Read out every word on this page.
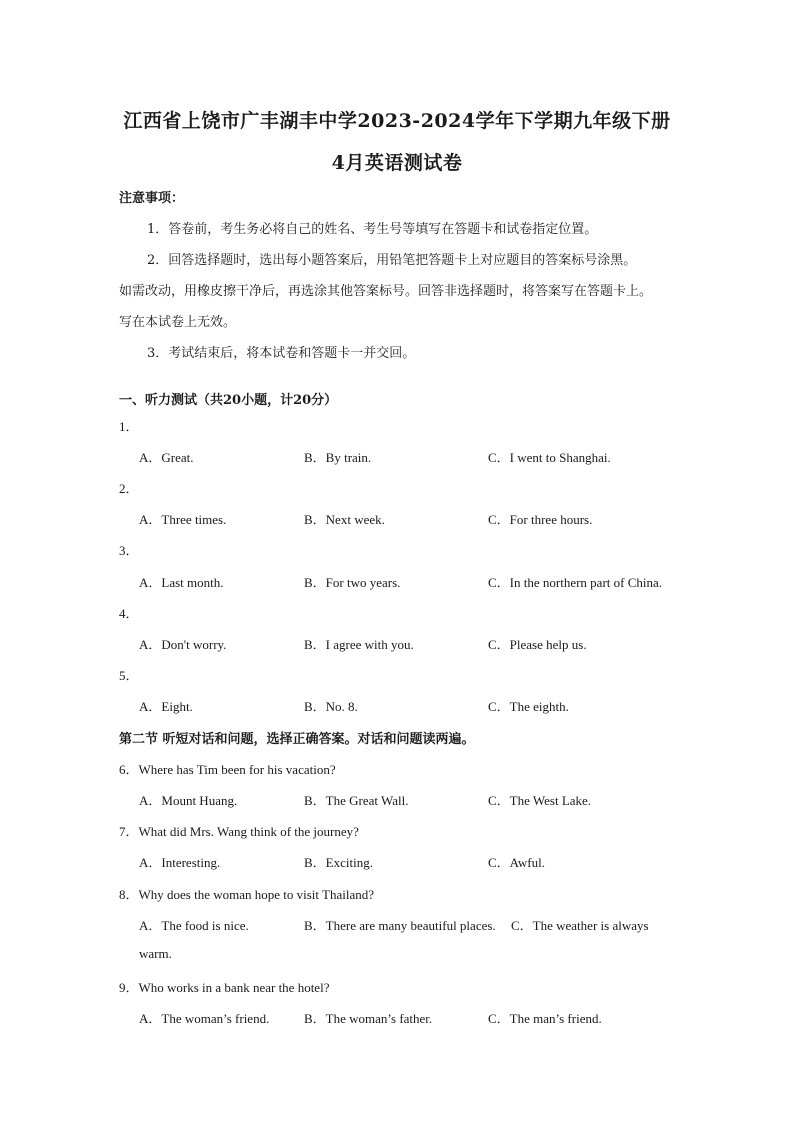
江西省上饶市广丰湖丰中学2023-2024学年下学期九年级下册
4月英语测试卷
注意事项：
1．答卷前，考生务必将自己的姓名、考生号等填写在答题卡和试卷指定位置。
2．回答选择题时，选出每小题答案后，用铅笔把答题卡上对应题目的答案标号涂黑。
如需改动，用橡皮擦干净后，再选涂其他答案标号。回答非选择题时，将答案写在答题卡上。
写在本试卷上无效。
3．考试结束后，将本试卷和答题卡一并交回。
一、听力测试（共20小题，计20分）
1．
A．Great.	B．By train.	C．I went to Shanghai.
2．
A．Three times.	B．Next week.	C．For three hours.
3．
A．Last month.	B．For two years.	C．In the northern part of China.
4．
A．Don't worry.	B．I agree with you.	C．Please help us.
5．
A．Eight.	B．No. 8.	C．The eighth.
第二节 听短对话和问题，选择正确答案。对话和问题读两遍。
6．Where has Tim been for his vacation?
A．Mount Huang.	B．The Great Wall.	C．The West Lake.
7．What did Mrs. Wang think of the journey?
A．Interesting.	B．Exciting.	C．Awful.
8．Why does the woman hope to visit Thailand?
A．The food is nice.	B．There are many beautiful places. C．The weather is always
warm.
9．Who works in a bank near the hotel?
A．The woman’s friend.	B．The woman’s father.	C．The man’s friend.
